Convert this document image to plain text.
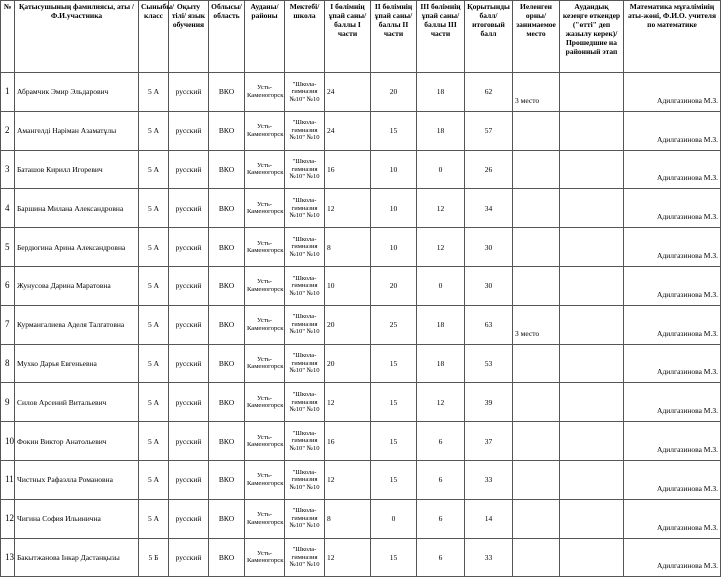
№	Қатысушының фамилиясы, аты /Ф.И.участника	Сыныбы/ класс	Оқыту тілі/ язык обучения	Облысы/ область	Ауданы/ районы	Мектебі/ школа	I бөлімнің ұпай саны/ баллы I части	II бөлімнің ұпай саны/ баллы II части	III бөлімнің ұпай саны/ баллы III части	Қорытынды балл/ итоговый балл	Иеленген орны/ занимаемое место	Аудандық кезеңге өткендер ("өтті" деп жазылу керек)/ Прошедшие на районный этап	Математика мұғалімінің аты-жөні, Ф.И.О. учителя по математике
1	Абрамчик Эмир Эльдарович	5 А	русский	ВКО	Усть-Каменогорск	"Школа-гимназия №10" №10	24	20	18	62	3 место		Адилгазинова М.З.
2	Амангелді Нарiман Азаматұлы	5 А	русский	ВКО	Усть-Каменогорск	"Школа-гимназия №10" №10	24	15	18	57			Адилгазинова М.З.
3	Баташов Кирилл Игоревич	5 А	русский	ВКО	Усть-Каменогорск	"Школа-гимназия №10" №10	16	10	0	26			Адилгазинова М.З.
4	Баршина Милана Александровна	5 А	русский	ВКО	Усть-Каменогорск	"Школа-гимназия №10" №10	12	10	12	34			Адилгазинова М.З.
5	Бердюгина Арина Александровна	5 А	русский	ВКО	Усть-Каменогорск	"Школа-гимназия №10" №10	8	10	12	30			Адилгазинова М.З.
6	Жунусова Дарина Маратовна	5 А	русский	ВКО	Усть-Каменогорск	"Школа-гимназия №10" №10	10	20	0	30			Адилгазинова М.З.
7	Курмангалиева Аделя Талгатовна	5 А	русский	ВКО	Усть-Каменогорск	"Школа-гимназия №10" №10	20	25	18	63	3 место		Адилгазинова М.З.
8	Мухко Дарья Евгеньевна	5 А	русский	ВКО	Усть-Каменогорск	"Школа-гимназия №10" №10	20	15	18	53			Адилгазинова М.З.
9	Силов Арсений Витальевич	5 А	русский	ВКО	Усть-Каменогорск	"Школа-гимназия №10" №10	12	15	12	39			Адилгазинова М.З.
10	Фокин Виктор Анатольевич	5 А	русский	ВКО	Усть-Каменогорск	"Школа-гимназия №10" №10	16	15	6	37			Адилгазинова М.З.
11	Чистных Рафаэлла Романовна	5 А	русский	ВКО	Усть-Каменогорск	"Школа-гимназия №10" №10	12	15	6	33			Адилгазинова М.З.
12	Чигина София Ильинична	5 А	русский	ВКО	Усть-Каменогорск	"Школа-гимназия №10" №10	8	0	6	14			Адилгазинова М.З.
13	Бакытжанова Інкар Дастанқызы	5 Б	русский	ВКО	Усть-Каменогорск	"Школа-гимназия №10" №10	12	15	6	33			Адилгазинова М.З.
